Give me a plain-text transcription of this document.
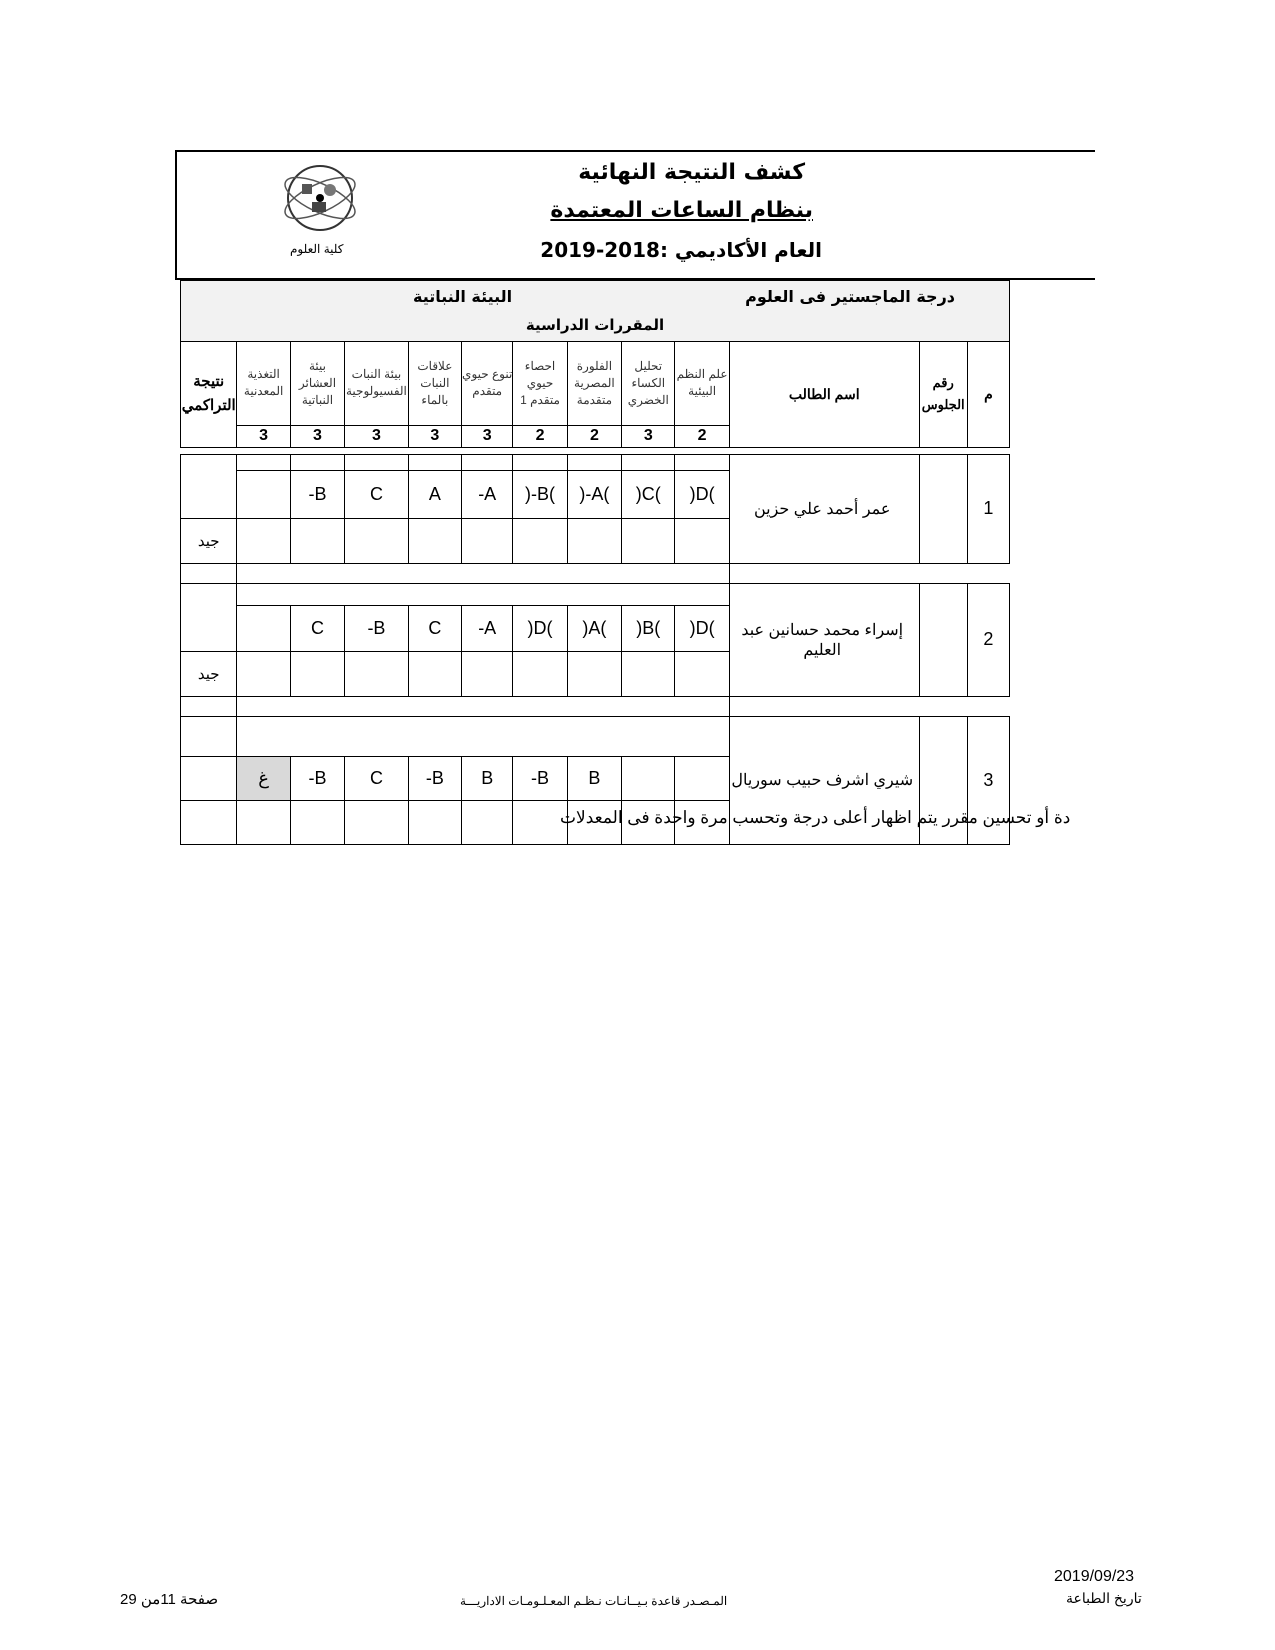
كشف النتيجة النهائية
بنظام الساعات المعتمدة
العام الأكاديمي :2018-2019
كلية العلوم
البيئة النباتية درجة الماجستير فى العلوم												

المقررات الدراسية												
نتيجة التراكمي	التغذية المعدنية	بيئة العشائر النباتية	بيئة النبات الفسيولوجية	علاقات النبات بالماء	تنوع حيوي متقدم	احصاء حيوي متقدم 1	الفلورة المصرية متقدمة	تحليل الكساء الخضري	علم النظم البيئية	اسم الطالب	رقم الجلوس	م
	3	3	3	3	3	2	2	3	2			

										عمر أحمد علي حزين		1
		-B	C	A	-A	)-B(	)-A(	)C(	)D(			
جيد												

										إسراء محمد حسانين عبد العليم		2
		C	-B	C	-A	)D(	)A(	)B(	)D(			
جيد												

										شيري اشرف حبيب سوريال		3
	غ	-B	C	-B	B	-B	B					

دة أو تحسين مقرر يتم اظهار أعلى درجة وتحسب مرة واحدة فى المعدلات
2019/09/23
تاريخ الطباعة
المـصـدر قاعدة بـيــانـات نـظـم المعـلـومـات الاداريـــة
صفحة 11من 29
